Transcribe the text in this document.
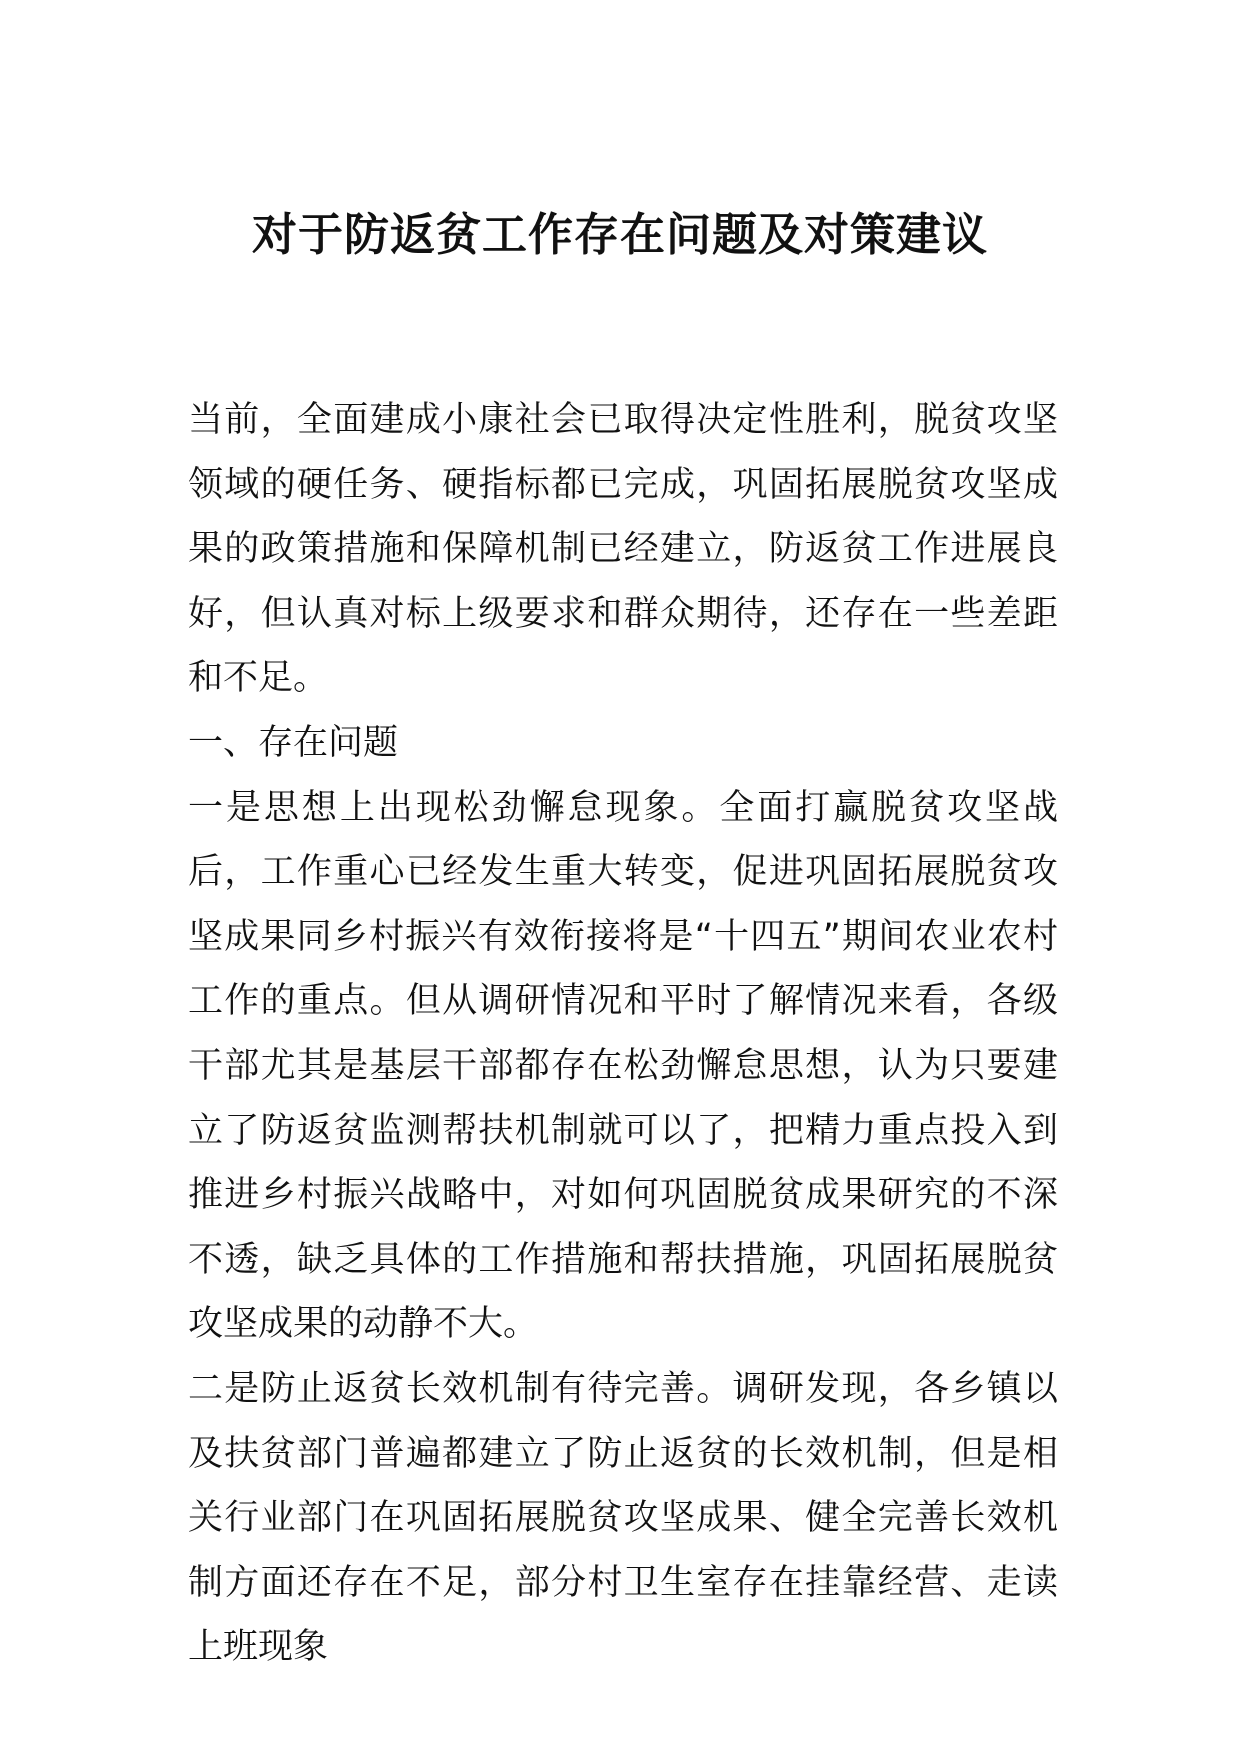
对于防返贫工作存在问题及对策建议

当前，全面建成小康社会已取得决定性胜利，脱贫攻坚领域的硬任务、硬指标都已完成，巩固拓展脱贫攻坚成果的政策措施和保障机制已经建立，防返贫工作进展良好，但认真对标上级要求和群众期待，还存在一些差距和不足。

一、存在问题

一是思想上出现松劲懈怠现象。全面打赢脱贫攻坚战后，工作重心已经发生重大转变，促进巩固拓展脱贫攻坚成果同乡村振兴有效衔接将是“十四五”期间农业农村工作的重点。但从调研情况和平时了解情况来看，各级干部尤其是基层干部都存在松劲懈怠思想，认为只要建立了防返贫监测帮扶机制就可以了，把精力重点投入到推进乡村振兴战略中，对如何巩固脱贫成果研究的不深不透，缺乏具体的工作措施和帮扶措施，巩固拓展脱贫攻坚成果的动静不大。

二是防止返贫长效机制有待完善。调研发现，各乡镇以及扶贫部门普遍都建立了防止返贫的长效机制，但是相关行业部门在巩固拓展脱贫攻坚成果、健全完善长效机制方面还存在不足，部分村卫生室存在挂靠经营、走读上班现象
